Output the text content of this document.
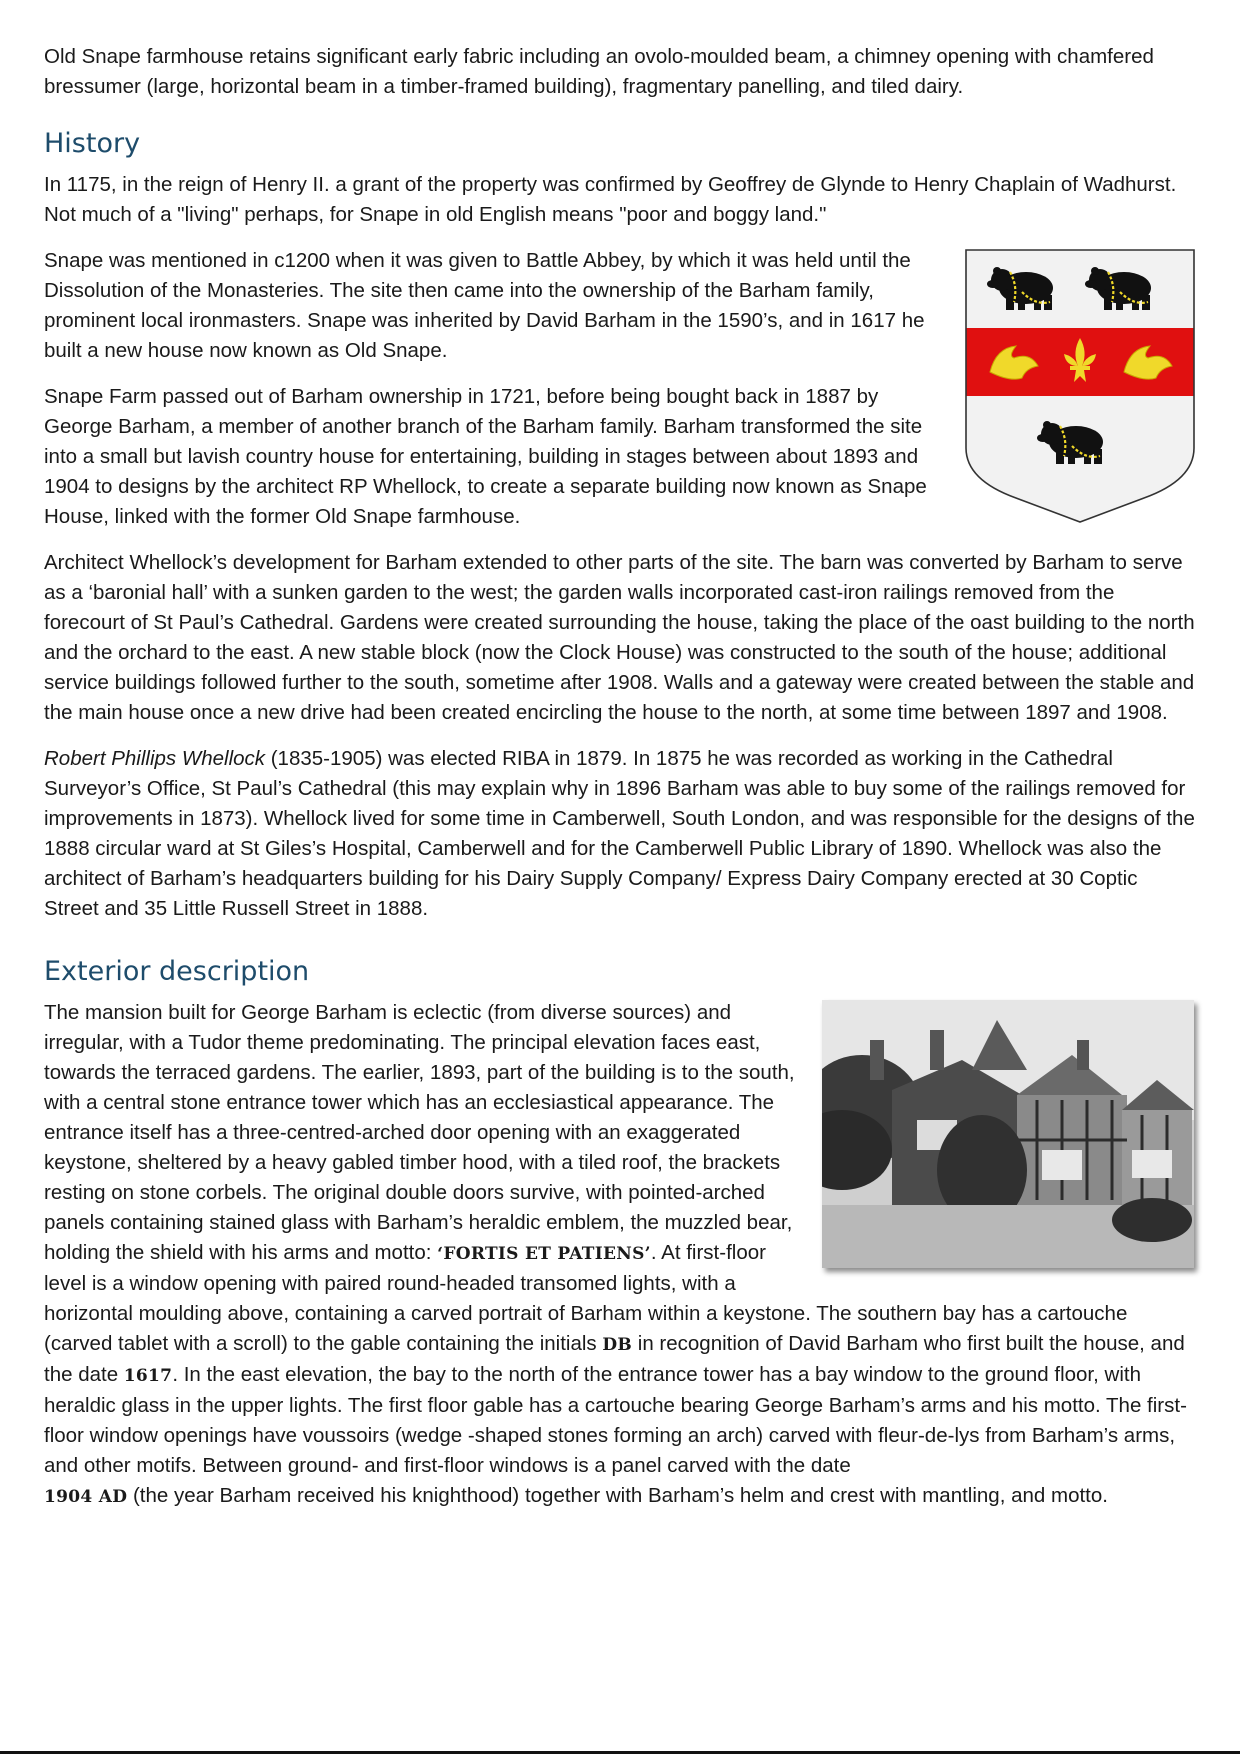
Old Snape farmhouse retains significant early fabric including an ovolo-moulded beam, a chimney opening with chamfered bressumer (large, horizontal beam in a timber-framed building), fragmentary panelling, and tiled dairy.

History

In 1175, in the reign of Henry II. a grant of the property was confirmed by Geoffrey de Glynde to Henry Chaplain of Wadhurst. Not much of a "living" perhaps, for Snape in old English means "poor and boggy land."

Snape was mentioned in c1200 when it was given to Battle Abbey, by which it was held until the Dissolution of the Monasteries. The site then came into the ownership of the Barham family, prominent local ironmasters. Snape was inherited by David Barham in the 1590’s, and in 1617 he built a new house now known as Old Snape.

Snape Farm passed out of Barham ownership in 1721, before being bought back in 1887 by George Barham, a member of another branch of the Barham family. Barham transformed the site into a small but lavish country house for entertaining, building in stages between about 1893 and 1904 to designs by the architect RP Whellock, to create a separate building now known as Snape House, linked with the former Old Snape farmhouse.

Architect Whellock’s development for Barham extended to other parts of the site. The barn was converted by Barham to serve as a ‘baronial hall’ with a sunken garden to the west; the garden walls incorporated cast-iron railings removed from the forecourt of St Paul’s Cathedral. Gardens were created surrounding the house, taking the place of the oast building to the north and the orchard to the east. A new stable block (now the Clock House) was constructed to the south of the house; additional service buildings followed further to the south, sometime after 1908. Walls and a gateway were created between the stable and the main house once a new drive had been created encircling the house to the north, at some time between 1897 and 1908.

Robert Phillips Whellock (1835-1905) was elected RIBA in 1879. In 1875 he was recorded as working in the Cathedral Surveyor’s Office, St Paul’s Cathedral (this may explain why in 1896 Barham was able to buy some of the railings removed for improvements in 1873). Whellock lived for some time in Camberwell, South London, and was responsible for the designs of the 1888 circular ward at St Giles’s Hospital, Camberwell and for the Camberwell Public Library of 1890. Whellock was also the architect of Barham’s headquarters building for his Dairy Supply Company/ Express Dairy Company erected at 30 Coptic Street and 35 Little Russell Street in 1888.

Exterior description

The mansion built for George Barham is eclectic (from diverse sources) and irregular, with a Tudor theme predominating. The principal elevation faces east, towards the terraced gardens. The earlier, 1893, part of the building is to the south, with a central stone entrance tower which has an ecclesiastical appearance. The entrance itself has a three-centred-arched door opening with an exaggerated keystone, sheltered by a heavy gabled timber hood, with a tiled roof, the brackets resting on stone corbels. The original double doors survive, with pointed-arched panels containing stained glass with Barham’s heraldic emblem, the muzzled bear, holding the shield with his arms and motto: ‘FORTIS ET PATIENS’. At first-floor level is a window opening with paired round-headed transomed lights, with a horizontal moulding above, containing a carved portrait of Barham within a keystone. The southern bay has a cartouche (carved tablet with a scroll) to the gable containing the initials DB in recognition of David Barham who first built the house, and the date 1617. In the east elevation, the bay to the north of the entrance tower has a bay window to the ground floor, with heraldic glass in the upper lights. The first floor gable has a cartouche bearing George Barham’s arms and his motto. The first-floor window openings have voussoirs (wedge -shaped stones forming an arch) carved with fleur-de-lys from Barham’s arms, and other motifs. Between ground- and first-floor windows is a panel carved with the date
1904 AD (the year Barham received his knighthood) together with Barham’s helm and crest with mantling, and motto.
